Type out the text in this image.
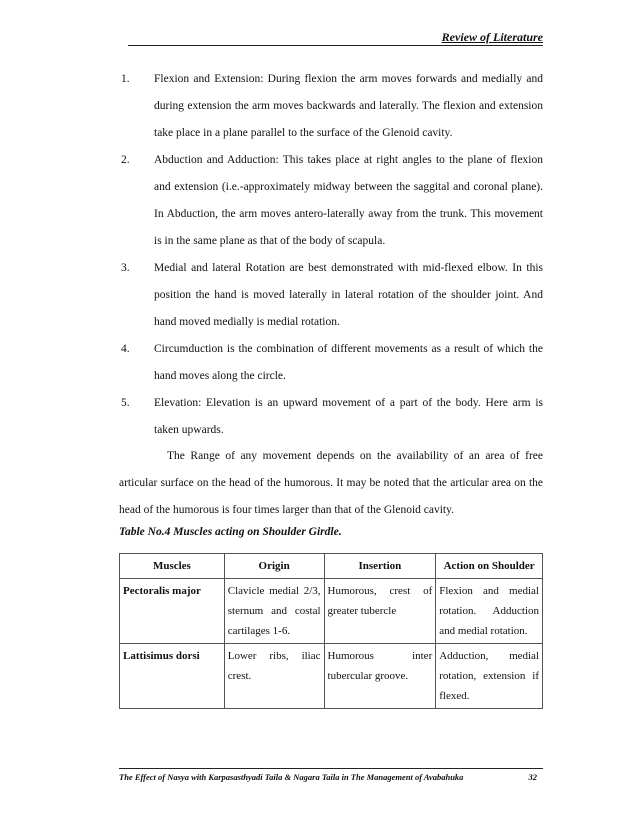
Review of Literature
1. Flexion and Extension: During flexion the arm moves forwards and medially and during extension the arm moves backwards and laterally. The flexion and extension take place in a plane parallel to the surface of the Glenoid cavity.
2. Abduction and Adduction: This takes place at right angles to the plane of flexion and extension (i.e.-approximately midway between the saggital and coronal plane). In Abduction, the arm moves antero-laterally away from the trunk. This movement is in the same plane as that of the body of scapula.
3. Medial and lateral Rotation are best demonstrated with mid-flexed elbow. In this position the hand is moved laterally in lateral rotation of the shoulder joint. And hand moved medially is medial rotation.
4. Circumduction is the combination of different movements as a result of which the hand moves along the circle.
5. Elevation: Elevation is an upward movement of a part of the body. Here arm is taken upwards.
The Range of any movement depends on the availability of an area of free articular surface on the head of the humorous. It may be noted that the articular area on the head of the humorous is four times larger than that of the Glenoid cavity.
Table No.4 Muscles acting on Shoulder Girdle.
Muscles	Origin	Insertion	Action on Shoulder
Pectoralis major	Clavicle medial 2/3, sternum and costal cartilages 1-6.	Humorous, crest of greater tubercle	Flexion and medial rotation. Adduction and medial rotation.
Lattisimus dorsi	Lower ribs, iliac crest.	Humorous inter tubercular groove.	Adduction, medial rotation, extension if flexed.
The Effect of Nasya with Karpasasthyadi Taila & Nagara Taila in The Management of Avabahuka	32
